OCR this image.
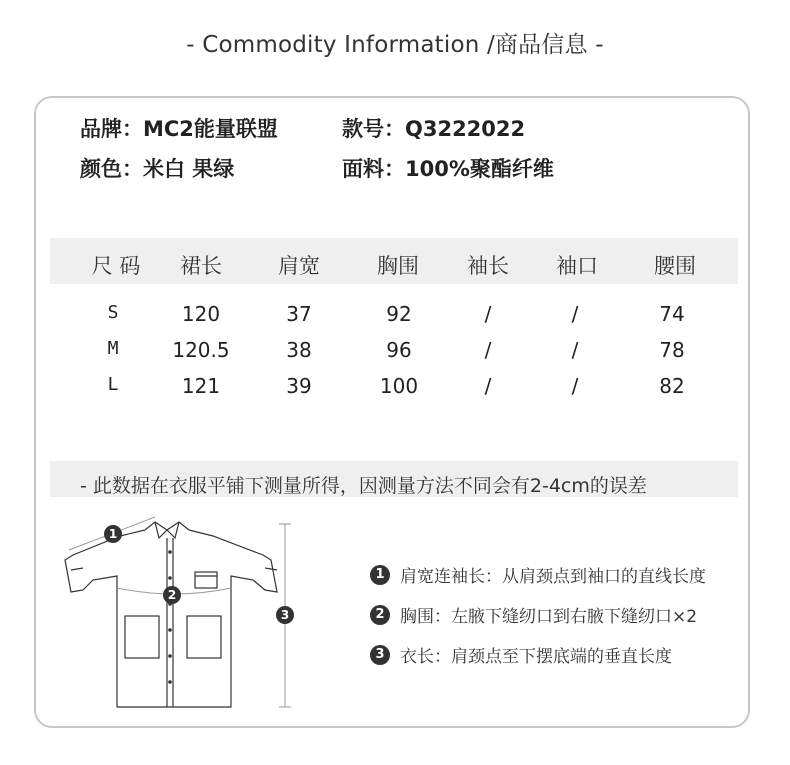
- Commodity Information /商品信息 -
品牌：MC2能量联盟	款号：Q3222022
颜色：米白 果绿	面料：100%聚酯纤维
尺 码	裙长	肩宽	胸围	袖长	袖口	腰围
S	120	37	92	/	/	74
M	120.5	38	96	/	/	78
L	121	39	100	/	/	82
- 此数据在衣服平铺下测量所得，因测量方法不同会有2-4cm的误差
1
2
3
1 肩宽连袖长：从肩颈点到袖口的直线长度
2 胸围：左腋下缝纫口到右腋下缝纫口×2
3 衣长：肩颈点至下摆底端的垂直长度
